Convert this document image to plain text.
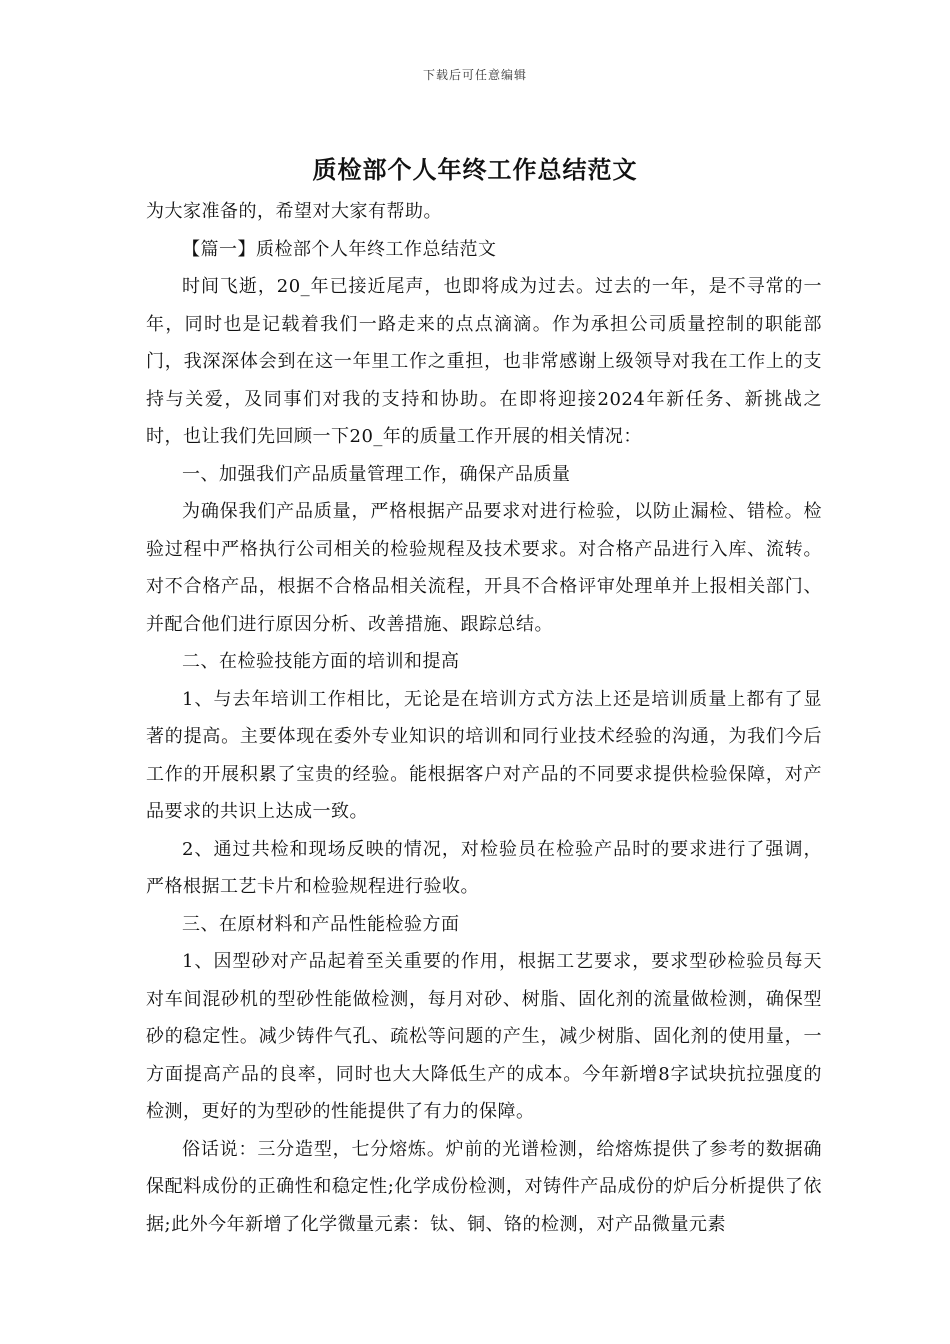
下载后可任意编辑
质检部个人年终工作总结范文

为大家准备的，希望对大家有帮助。

【篇一】质检部个人年终工作总结范文

时间飞逝，20_年已接近尾声，也即将成为过去。过去的一年，是不寻常的一年，同时也是记载着我们一路走来的点点滴滴。作为承担公司质量控制的职能部门，我深深体会到在这一年里工作之重担，也非常感谢上级领导对我在工作上的支持与关爱，及同事们对我的支持和协助。在即将迎接2024年新任务、新挑战之时，也让我们先回顾一下20_年的质量工作开展的相关情况：

一、加强我们产品质量管理工作，确保产品质量

为确保我们产品质量，严格根据产品要求对进行检验，以防止漏检、错检。检验过程中严格执行公司相关的检验规程及技术要求。对合格产品进行入库、流转。对不合格产品，根据不合格品相关流程，开具不合格评审处理单并上报相关部门、并配合他们进行原因分析、改善措施、跟踪总结。

二、在检验技能方面的培训和提高

1、与去年培训工作相比，无论是在培训方式方法上还是培训质量上都有了显著的提高。主要体现在委外专业知识的培训和同行业技术经验的沟通，为我们今后工作的开展积累了宝贵的经验。能根据客户对产品的不同要求提供检验保障，对产品要求的共识上达成一致。

2、通过共检和现场反映的情况，对检验员在检验产品时的要求进行了强调，严格根据工艺卡片和检验规程进行验收。

三、在原材料和产品性能检验方面

1、因型砂对产品起着至关重要的作用，根据工艺要求，要求型砂检验员每天对车间混砂机的型砂性能做检测，每月对砂、树脂、固化剂的流量做检测，确保型砂的稳定性。减少铸件气孔、疏松等问题的产生，减少树脂、固化剂的使用量，一方面提高产品的良率，同时也大大降低生产的成本。今年新增8字试块抗拉强度的检测，更好的为型砂的性能提供了有力的保障。

俗话说：三分造型，七分熔炼。炉前的光谱检测，给熔炼提供了参考的数据确保配料成份的正确性和稳定性;化学成份检测，对铸件产品成份的炉后分析提供了依据;此外今年新增了化学微量元素：钛、铜、铬的检测，对产品微量元素
